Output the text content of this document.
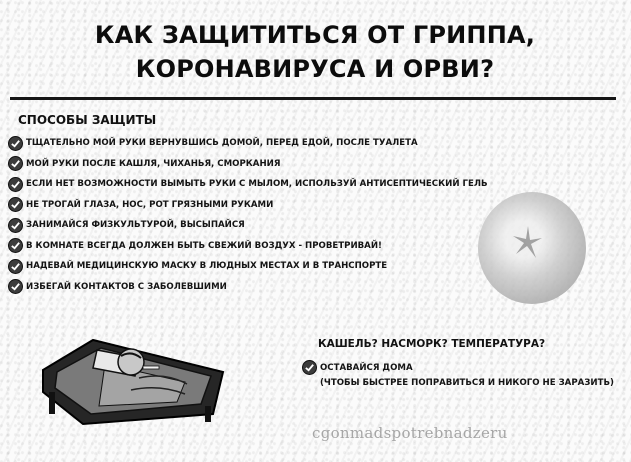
КАК ЗАЩИТИТЬСЯ ОТ ГРИППА,
КОРОНАВИРУСА И ОРВИ?
СПОСОБЫ ЗАЩИТЫ
ТЩАТЕЛЬНО МОЙ РУКИ ВЕРНУВШИСЬ ДОМОЙ, ПЕРЕД ЕДОЙ, ПОСЛЕ ТУАЛЕТА
МОЙ РУКИ ПОСЛЕ КАШЛЯ, ЧИХАНЬЯ, СМОРКАНИЯ
ЕСЛИ НЕТ ВОЗМОЖНОСТИ ВЫМЫТЬ РУКИ С МЫЛОМ, ИСПОЛЬЗУЙ АНТИСЕПТИЧЕСКИЙ ГЕЛЬ
НЕ ТРОГАЙ ГЛАЗА, НОС, РОТ ГРЯЗНЫМИ РУКАМИ
ЗАНИМАЙСЯ ФИЗКУЛЬТУРОЙ, ВЫСЫПАЙСЯ
В КОМНАТЕ ВСЕГДА ДОЛЖЕН БЫТЬ СВЕЖИЙ ВОЗДУХ - ПРОВЕТРИВАЙ!
НАДЕВАЙ МЕДИЦИНСКУЮ МАСКУ В ЛЮДНЫХ МЕСТАХ И В ТРАНСПОРТЕ
ИЗБЕГАЙ КОНТАКТОВ С ЗАБОЛЕВШИМИ
КАШЕЛЬ? НАСМОРК? ТЕМПЕРАТУРА?
ОСТАВАЙСЯ ДОМА
(ЧТОБЫ БЫСТРЕЕ ПОПРАВИТЬСЯ И НИКОГО НЕ ЗАРАЗИТЬ)
cgonmadspotrebnadzeru
